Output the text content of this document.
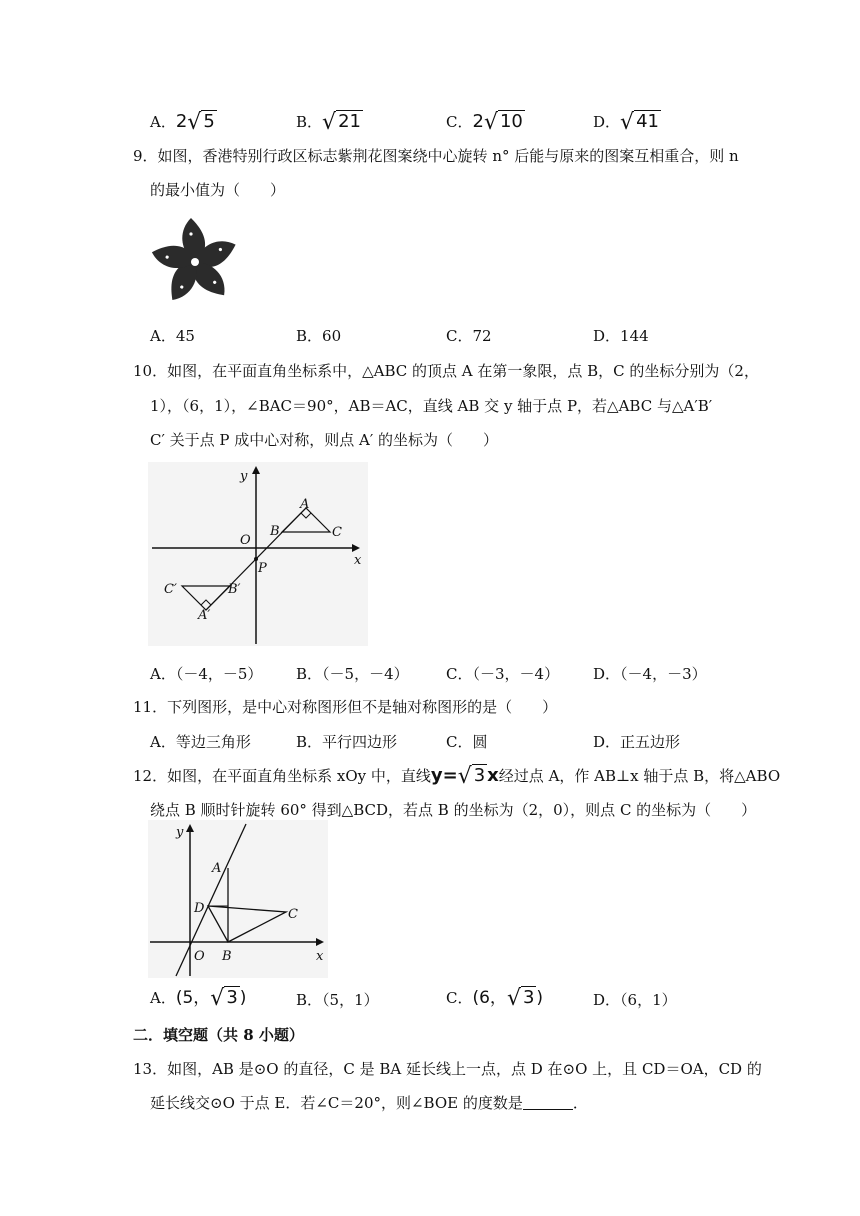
A．2√ 5	B．√ 21	C．2√ 10	D．√ 41
9．如图，香港特别行政区标志紫荆花图案绕中心旋转 n° 后能与原来的图案互相重合，则 n
的最小值为（　　）
A．45	B．60	C．72	D．144
10．如图，在平面直角坐标系中，△ABC 的顶点 A 在第一象限，点 B，C 的坐标分别为（2，
1），（6，1），∠BAC＝90°，AB＝AC，直线 AB 交 y 轴于点 P，若△ABC 与△A′B′
C′ 关于点 P 成中心对称，则点 A′ 的坐标为（　　）
y
x
O
P
A
B	C
A′
B′
C′
A．（－4，－5） B．（－5，－4） C．（－3，－4） D．（－4，－3）
11．下列图形，是中心对称图形但不是轴对称图形的是（　　）
A．等边三角形	B．平行四边形	C．圆	D．正五边形
12．如图，在平面直角坐标系 xOy 中，直线y=√ 3 x经过点 A，作 AB⊥x 轴于点 B，将△ABO
绕点 B 顺时针旋转 60° 得到△BCD，若点 B 的坐标为（2，0），则点 C 的坐标为（　　）
y
x
O
A
B
C
D
A．(5，√ 3 )	B．（5，1）	C．(6，√ 3 )	D．（6，1）
二．填空题（共 8 小题）
13．如图，AB 是⊙O 的直径，C 是 BA 延长线上一点，点 D 在⊙O 上，且 CD＝OA，CD 的
延长线交⊙O 于点 E．若∠C＝20°，则∠BOE 的度数是	．
